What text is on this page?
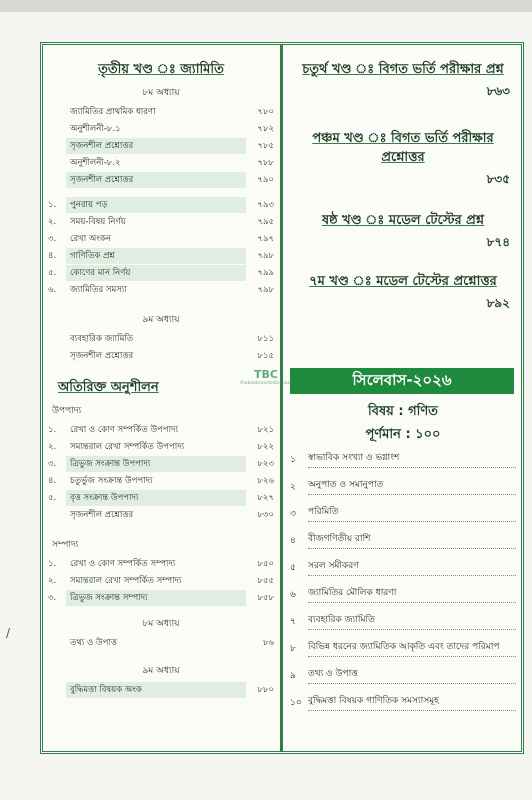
তৃতীয় খণ্ড ঃ জ্যামিতি
৮ম অধ্যায়
জ্যামিতির প্রাথমিক ধারণা	৭৮০
অনুশীলনী-৮.১	৭৮২
সৃজনশীল প্রশ্নোত্তর	৭৮৫
অনুশীলনী-৮.২	৭৮৮
সৃজনশীল প্রশ্নোত্তর	৭৯০
১.	পুনরায় পড়	৭৯৩
২.	সময়-বিষয় নির্ণয়	৭৯৫
৩.	রেখা অংকন	৭৯৭
৪.	গাণিতিক প্রশ্ন	৭৯৮
৫.	কোণের মান নির্ণয়	৭৯৯
৬.	জ্যামিতির সমস্যা	৭৯৮
৯ম অধ্যায়
ব্যবহারিক জ্যামিতি	৮১১
সৃজনশীল প্রশ্নোত্তর	৮১৫
অতিরিক্ত অনুশীলন
উপপাদ্য
১.	রেখা ও কোণ সম্পর্কিত উপপাদ্য	৮২১
২.	সমান্তরাল রেখা সম্পর্কিত উপপাদ্য	৮২২
৩.	ত্রিভুজ সংক্রান্ত উপপাদ্য	৮২৩
৪.	চতুর্ভুজ সংক্রান্ত উপপাদ্য	৮২৬
৫.	বৃত্ত সংক্রান্ত উপপাদ্য	৮২৭
সৃজনশীল প্রশ্নোত্তর	৮৩০
সম্পাদ্য
১.	রেখা ও কোণ সম্পর্কিত সম্পাদ্য	৮৫০
২.	সমান্তরাল রেখা সম্পর্কিত সম্পাদ্য	৮৫৫
৩.	ত্রিভুজ সংক্রান্ত সম্পাদ্য	৮৫৮
৮ম অধ্যায়
তথ্য ও উপাত্ত	৮৬
৯ম অধ্যায়
বুদ্ধিমত্তা বিষয়ক অংক	৮৮০
চতুর্থ খণ্ড ঃ বিগত ভর্তি পরীক্ষার প্রশ্ন
৮৬৩
পঞ্চম খণ্ড ঃ বিগত ভর্তি পরীক্ষার প্রশ্নোত্তর
৮৩৫
ষষ্ঠ খণ্ড ঃ মডেল টেস্টের প্রশ্ন
৮৭৪
৭ম খণ্ড ঃ মডেল টেস্টের প্রশ্নোত্তর
৮৯২
সিলেবাস-২০২৬
বিষয় : গণিত
পূর্ণমান : ১০০
১	স্বাভাবিক সংখ্যা ও ভগ্নাংশ
২	অনুপাত ও সমানুপাত
৩	পরিমিতি
৪	বীজগণিতীয় রাশি
৫	সরল সমীকরণ
৬	জ্যামিতির মৌলিক ধারণা
৭	ব্যবহারিক জ্যামিতি
৮	বিভিন্ন ধরনের জ্যামিতিক আকৃতি এবং তাদের পরিমাপ
৯	তথ্য ও উপাত্ত
১০ বুদ্ধিমত্তা বিষয়ক গাণিতিক সমস্যাসমূহ
TBC
thebookscentrebd.com
/
